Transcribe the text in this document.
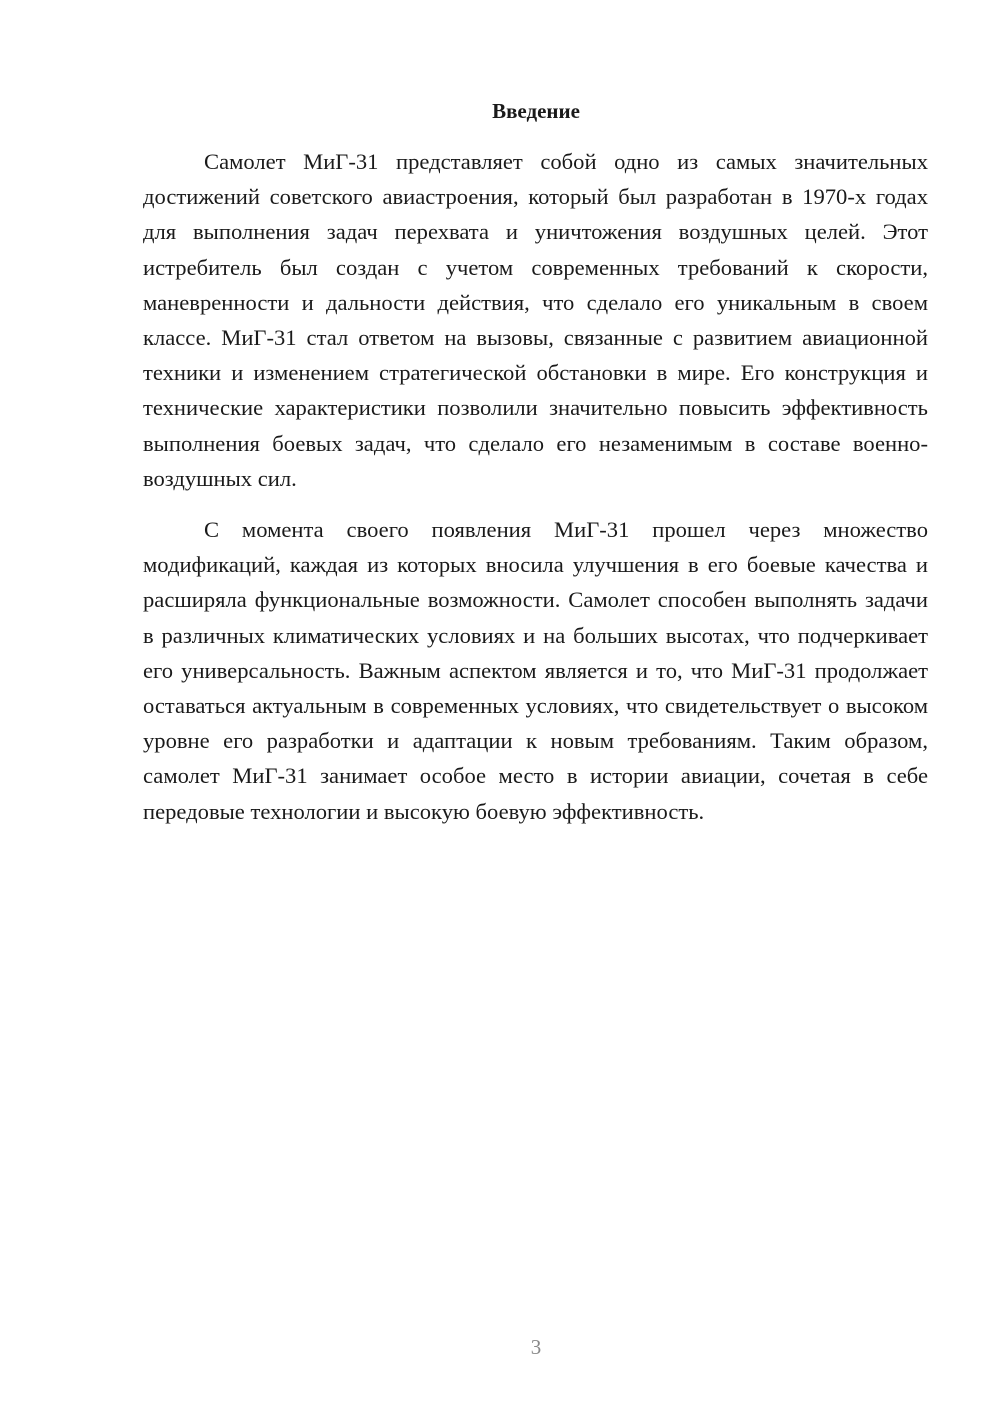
Введение

Самолет МиГ-31 представляет собой одно из самых значительных достижений советского авиастроения, который был разработан в 1970-х годах для выполнения задач перехвата и уничтожения воздушных целей. Этот истребитель был создан с учетом современных требований к скорости, маневренности и дальности действия, что сделало его уникальным в своем классе. МиГ-31 стал ответом на вызовы, связанные с развитием авиационной техники и изменением стратегической обстановки в мире. Его конструкция и технические характеристики позволили значительно повысить эффективность выполнения боевых задач, что сделало его незаменимым в составе военно-воздушных сил.

С момента своего появления МиГ-31 прошел через множество модификаций, каждая из которых вносила улучшения в его боевые качества и расширяла функциональные возможности. Самолет способен выполнять задачи в различных климатических условиях и на больших высотах, что подчеркивает его универсальность. Важным аспектом является и то, что МиГ-31 продолжает оставаться актуальным в современных условиях, что свидетельствует о высоком уровне его разработки и адаптации к новым требованиям. Таким образом, самолет МиГ-31 занимает особое место в истории авиации, сочетая в себе передовые технологии и высокую боевую эффективность.

3
